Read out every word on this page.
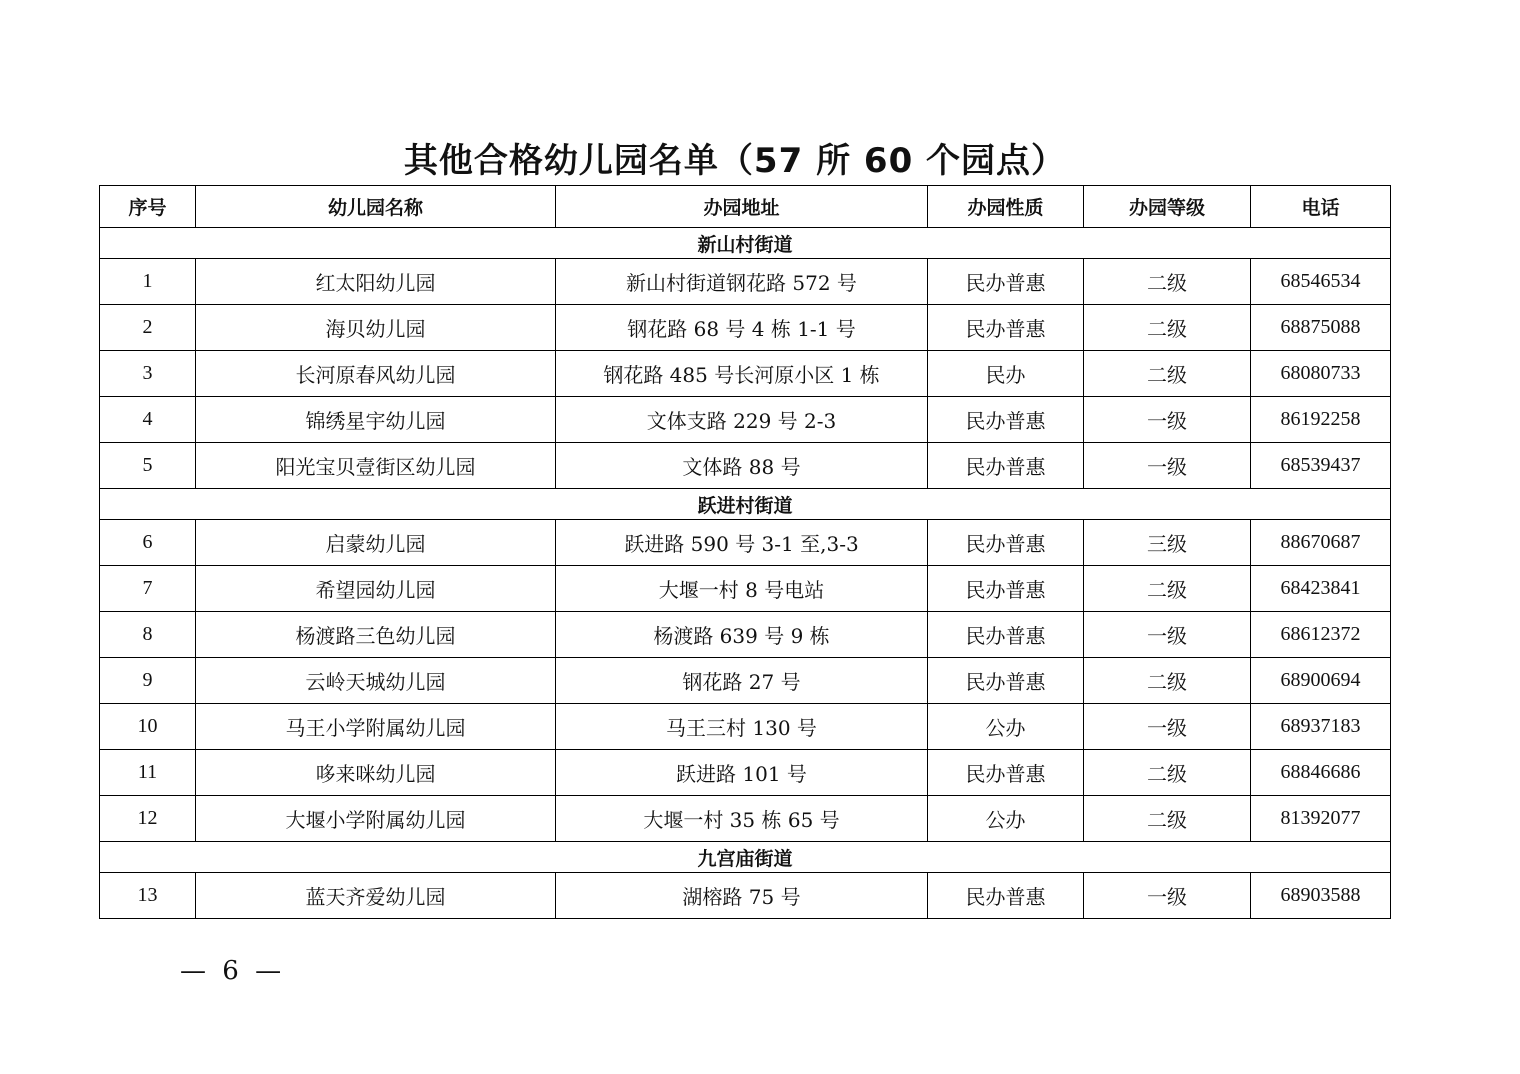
其他合格幼儿园名单（57 所 60 个园点）
序号	幼儿园名称	办园地址	办园性质	办园等级	电话
新山村街道					
1	红太阳幼儿园	新山村街道钢花路 572 号	民办普惠	二级	68546534
2	海贝幼儿园	钢花路 68 号 4 栋 1-1 号	民办普惠	二级	68875088
3	长河原春风幼儿园	钢花路 485 号长河原小区 1 栋	民办	二级	68080733
4	锦绣星宇幼儿园	文体支路 229 号 2-3	民办普惠	一级	86192258
5	阳光宝贝壹街区幼儿园	文体路 88 号	民办普惠	一级	68539437
跃进村街道					
6	启蒙幼儿园	跃进路 590 号 3-1 至,3-3	民办普惠	三级	88670687
7	希望园幼儿园	大堰一村 8 号电站	民办普惠	二级	68423841
8	杨渡路三色幼儿园	杨渡路 639 号 9 栋	民办普惠	一级	68612372
9	云岭天城幼儿园	钢花路 27 号	民办普惠	二级	68900694
10	马王小学附属幼儿园	马王三村 130 号	公办	一级	68937183
11	哆来咪幼儿园	跃进路 101 号	民办普惠	二级	68846686
12	大堰小学附属幼儿园	大堰一村 35 栋 65 号	公办	二级	81392077
九宫庙街道					
13	蓝天齐爱幼儿园	湖榕路 75 号	民办普惠	一级	68903588
— 6 —
